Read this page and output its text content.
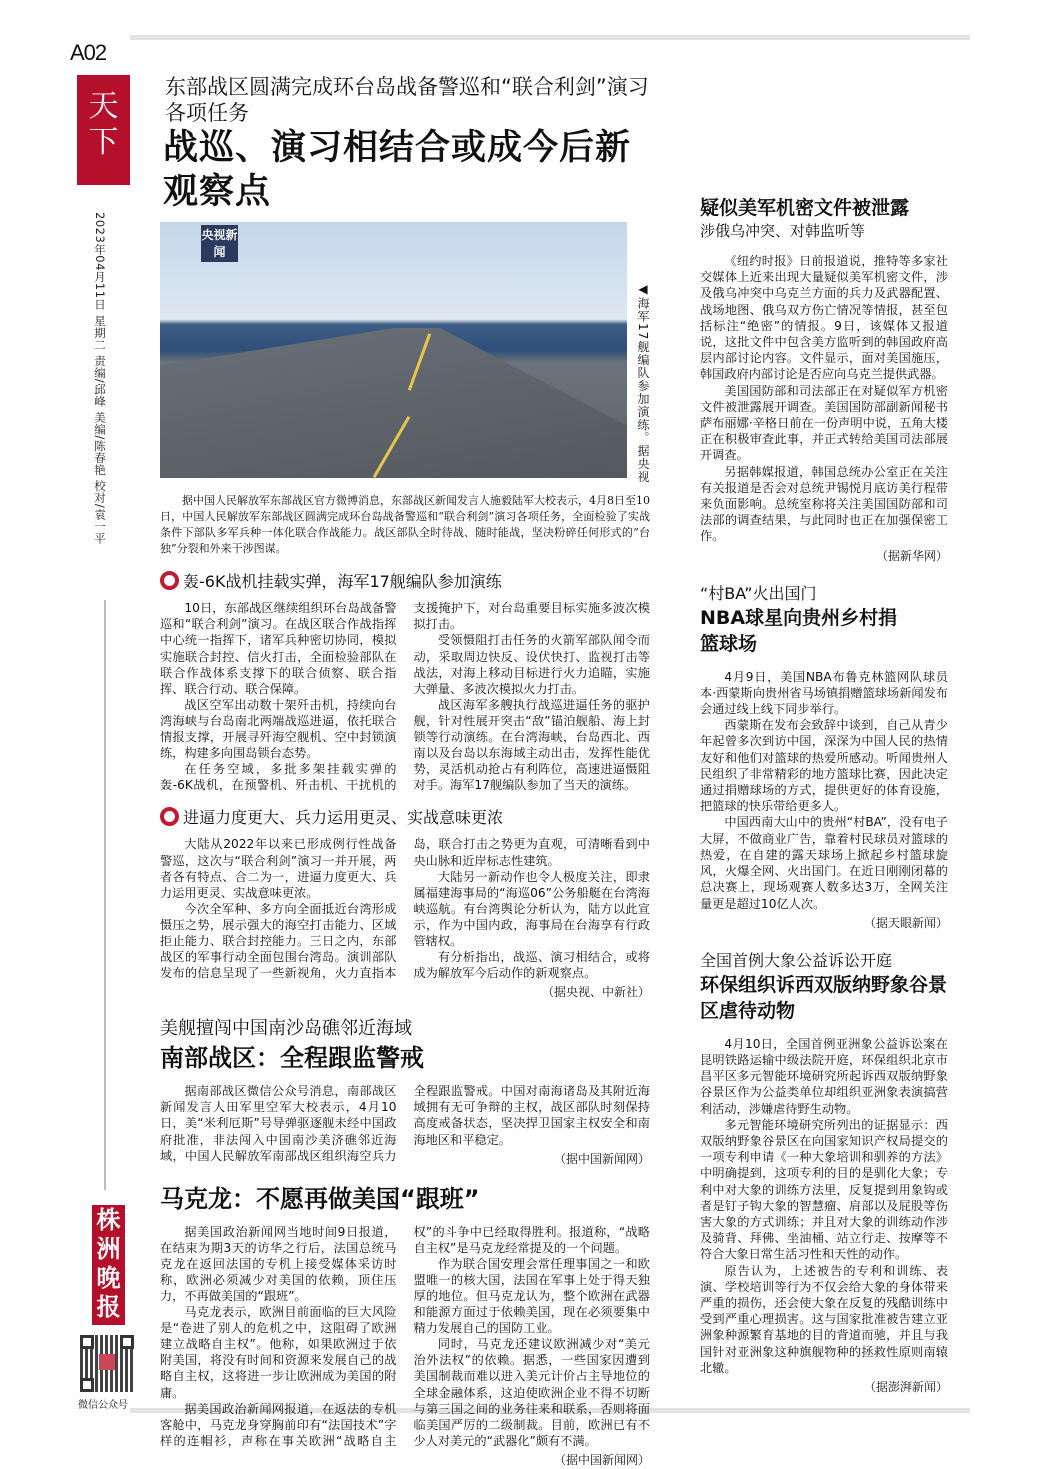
A02
天下
2023年04月11日 星期二 责编/邱峰 美编/陈春艳 校对/袁一平
株
洲
晚
报
微信公众号
东部战区圆满完成环台岛战备警巡和“联合利剑”演习各项任务
战巡、演习相结合或成今后新观察点
央视新闻
◀海军17舰编队参加演练。据央视
据中国人民解放军东部战区官方微博消息，东部战区新闻发言人施毅陆军大校表示，4月8日至10日，中国人民解放军东部战区圆满完成环台岛战备警巡和“联合利剑”演习各项任务，全面检验了实战条件下部队多军兵种一体化联合作战能力。战区部队全时待战、随时能战，坚决粉碎任何形式的“台独”分裂和外来干涉图谋。
轰-6K战机挂载实弹，海军17舰编队参加演练

10日，东部战区继续组织环台岛战备警巡和“联合利剑”演习。在战区联合作战指挥中心统一指挥下，诸军兵种密切协同，模拟实施联合封控、信火打击，全面检验部队在联合作战体系支撑下的联合侦察、联合指挥、联合行动、联合保障。

战区空军出动数十架歼击机，持续向台湾海峡与台岛南北两端战巡进逼，依托联合情报支撑，开展寻歼海空舰机、空中封锁演练，构建多向围岛锁台态势。

在任务空域，多批多架挂载实弹的轰-6K战机，在预警机、歼击机、干扰机的支援掩护下，对台岛重要目标实施多波次模拟打击。

受领慑阻打击任务的火箭军部队闻令而动，采取周边快反、设伏快打、监视打击等战法，对海上移动目标进行火力追瞄，实施大弹量、多波次模拟火力打击。

战区海军多艘执行战巡进逼任务的驱护舰，针对性展开突击“敌”锚泊舰船、海上封锁等行动演练。在台湾海峡，台岛西北、西南以及台岛以东海域主动出击，发挥性能优势，灵活机动抢占有利阵位，高速进逼慑阻对手。海军17舰编队参加了当天的演练。

进逼力度更大、兵力运用更灵、实战意味更浓

大陆从2022年以来已形成例行性战备警巡，这次与“联合利剑”演习一并开展，两者各有特点、合二为一，进逼力度更大、兵力运用更灵、实战意味更浓。

今次全军种、多方向全面抵近台湾形成慑压之势，展示强大的海空打击能力、区域拒止能力、联合封控能力。三日之内，东部战区的军事行动全面包围台湾岛。演训部队发布的信息呈现了一些新视角，火力直指本岛，联合打击之势更为直观，可清晰看到中央山脉和近岸标志性建筑。

大陆另一新动作也令人极度关注，即隶属福建海事局的“海巡06”公务船艇在台湾海峡巡航。有台湾舆论分析认为，陆方以此宣示，作为中国内政，海事局在台海享有行政管辖权。

有分析指出，战巡、演习相结合，或将成为解放军今后动作的新观察点。

（据央视、中新社）
美舰擅闯中国南沙岛礁邻近海域
南部战区：全程跟监警戒

据南部战区微信公众号消息，南部战区新闻发言人田军里空军大校表示，4月10日，美“米利厄斯”号导弹驱逐舰未经中国政府批准，非法闯入中国南沙美济礁邻近海域，中国人民解放军南部战区组织海空兵力全程跟监警戒。中国对南海诸岛及其附近海域拥有无可争辩的主权，战区部队时刻保持高度戒备状态，坚决捍卫国家主权安全和南海地区和平稳定。

（据中国新闻网）
马克龙：不愿再做美国“跟班”

据美国政治新闻网当地时间9日报道，在结束为期3天的访华之行后，法国总统马克龙在返回法国的专机上接受媒体采访时称，欧洲必须减少对美国的依赖，顶住压力，不再做美国的“跟班”。

马克龙表示，欧洲目前面临的巨大风险是“卷进了别人的危机之中，这阻碍了欧洲建立战略自主权”。他称，如果欧洲过于依附美国，将没有时间和资源来发展自己的战略自主权，这将进一步让欧洲成为美国的附庸。

据美国政治新闻网报道，在返法的专机客舱中，马克龙身穿胸前印有“法国技术”字样的连帽衫，声称在事关欧洲“战略自主权”的斗争中已经取得胜利。报道称，“战略自主权”是马克龙经常提及的一个问题。

作为联合国安理会常任理事国之一和欧盟唯一的核大国，法国在军事上处于得天独厚的地位。但马克龙认为，整个欧洲在武器和能源方面过于依赖美国，现在必须要集中精力发展自己的国防工业。

同时，马克龙还建议欧洲减少对“美元治外法权”的依赖。据悉，一些国家因遭到美国制裁而难以进入美元计价占主导地位的全球金融体系，这迫使欧洲企业不得不切断与第三国之间的业务往来和联系，否则将面临美国严厉的二级制裁。目前，欧洲已有不少人对美元的“武器化”颇有不满。

（据中国新闻网）
疑似美军机密文件被泄露
涉俄乌冲突、对韩监听等

《纽约时报》日前报道说，推特等多家社交媒体上近来出现大量疑似美军机密文件，涉及俄乌冲突中乌克兰方面的兵力及武器配置、战场地图、俄乌双方伤亡情况等情报，甚至包括标注“绝密”的情报。9日，该媒体又报道说，这批文件中包含美方监听到的韩国政府高层内部讨论内容。文件显示，面对美国施压，韩国政府内部讨论是否应向乌克兰提供武器。

美国国防部和司法部正在对疑似军方机密文件被泄露展开调查。美国国防部副新闻秘书萨布丽娜·辛格日前在一份声明中说，五角大楼正在积极审查此事，并正式转给美国司法部展开调查。

另据韩媒报道，韩国总统办公室正在关注有关报道是否会对总统尹锡悦月底访美行程带来负面影响。总统室称将关注美国国防部和司法部的调查结果，与此同时也正在加强保密工作。

（据新华网）
“村BA”火出国门
NBA球星向贵州乡村捐篮球场

4月9日，美国NBA布鲁克林篮网队球员本·西蒙斯向贵州省马场镇捐赠篮球场新闻发布会通过线上线下同步举行。

西蒙斯在发布会致辞中谈到，自己从青少年起曾多次到访中国，深深为中国人民的热情友好和他们对篮球的热爱所感动。听闻贵州人民组织了非常精彩的地方篮球比赛，因此决定通过捐赠球场的方式，提供更好的体育设施，把篮球的快乐带给更多人。

中国西南大山中的贵州“村BA”，没有电子大屏，不做商业广告，靠着村民球员对篮球的热爱，在自建的露天球场上掀起乡村篮球旋风，火爆全网、火出国门。在近日刚刚闭幕的总决赛上，现场观赛人数多达3万，全网关注量更是超过10亿人次。

（据天眼新闻）
全国首例大象公益诉讼开庭
环保组织诉西双版纳野象谷景区虐待动物

4月10日，全国首例亚洲象公益诉讼案在昆明铁路运输中级法院开庭，环保组织北京市昌平区多元智能环境研究所起诉西双版纳野象谷景区作为公益类单位却组织亚洲象表演搞营利活动，涉嫌虐待野生动物。

多元智能环境研究所列出的证据显示：西双版纳野象谷景区在向国家知识产权局提交的一项专利申请《一种大象培训和驯养的方法》中明确提到，这项专利的目的是驯化大象；专利中对大象的训练方法里，反复提到用象钩或者是钉子钩大象的智慧瘤、肩部以及屁股等伤害大象的方式训练；并且对大象的训练动作涉及骑背、拜佛、坐油桶、站立行走、按摩等不符合大象日常生活习性和天性的动作。

原告认为，上述被告的专利和训练、表演、学校培训等行为不仅会给大象的身体带来严重的损伤，还会使大象在反复的残酷训练中受到严重心理损害。这与国家批准被告建立亚洲象种源繁育基地的目的背道而驰，并且与我国针对亚洲象这种旗舰物种的拯救性原则南辕北辙。

（据澎湃新闻）
